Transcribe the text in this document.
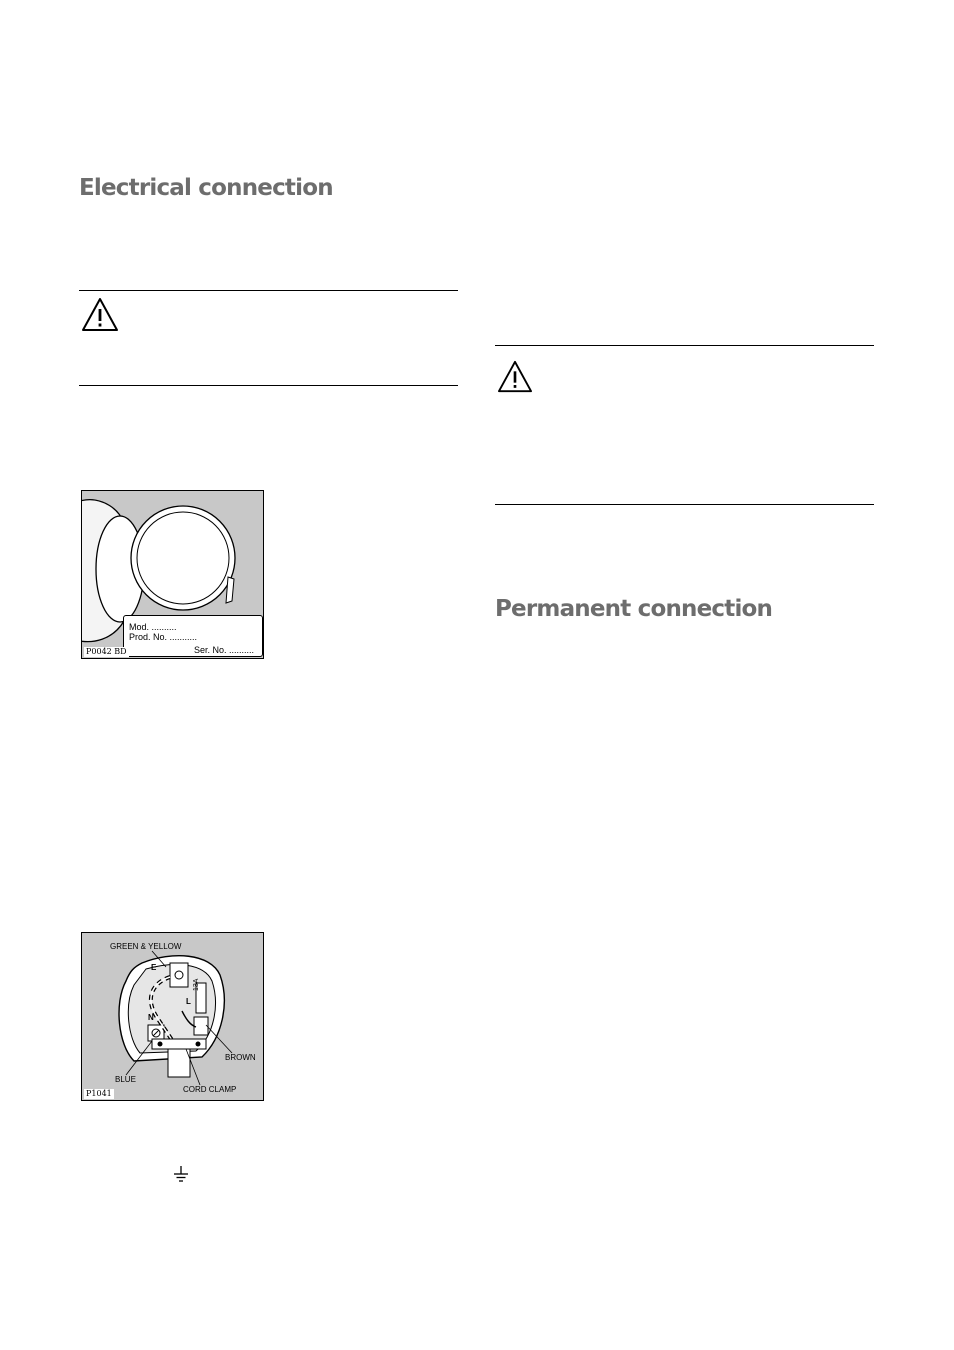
Electrical connection
Mod. ..........
Prod. No. ...........
Ser. No. ..........
P0042 BD
E
N
L
13A
GREEN & YELLOW
BROWN
BLUE
CORD CLAMP
P1041
Permanent connection
